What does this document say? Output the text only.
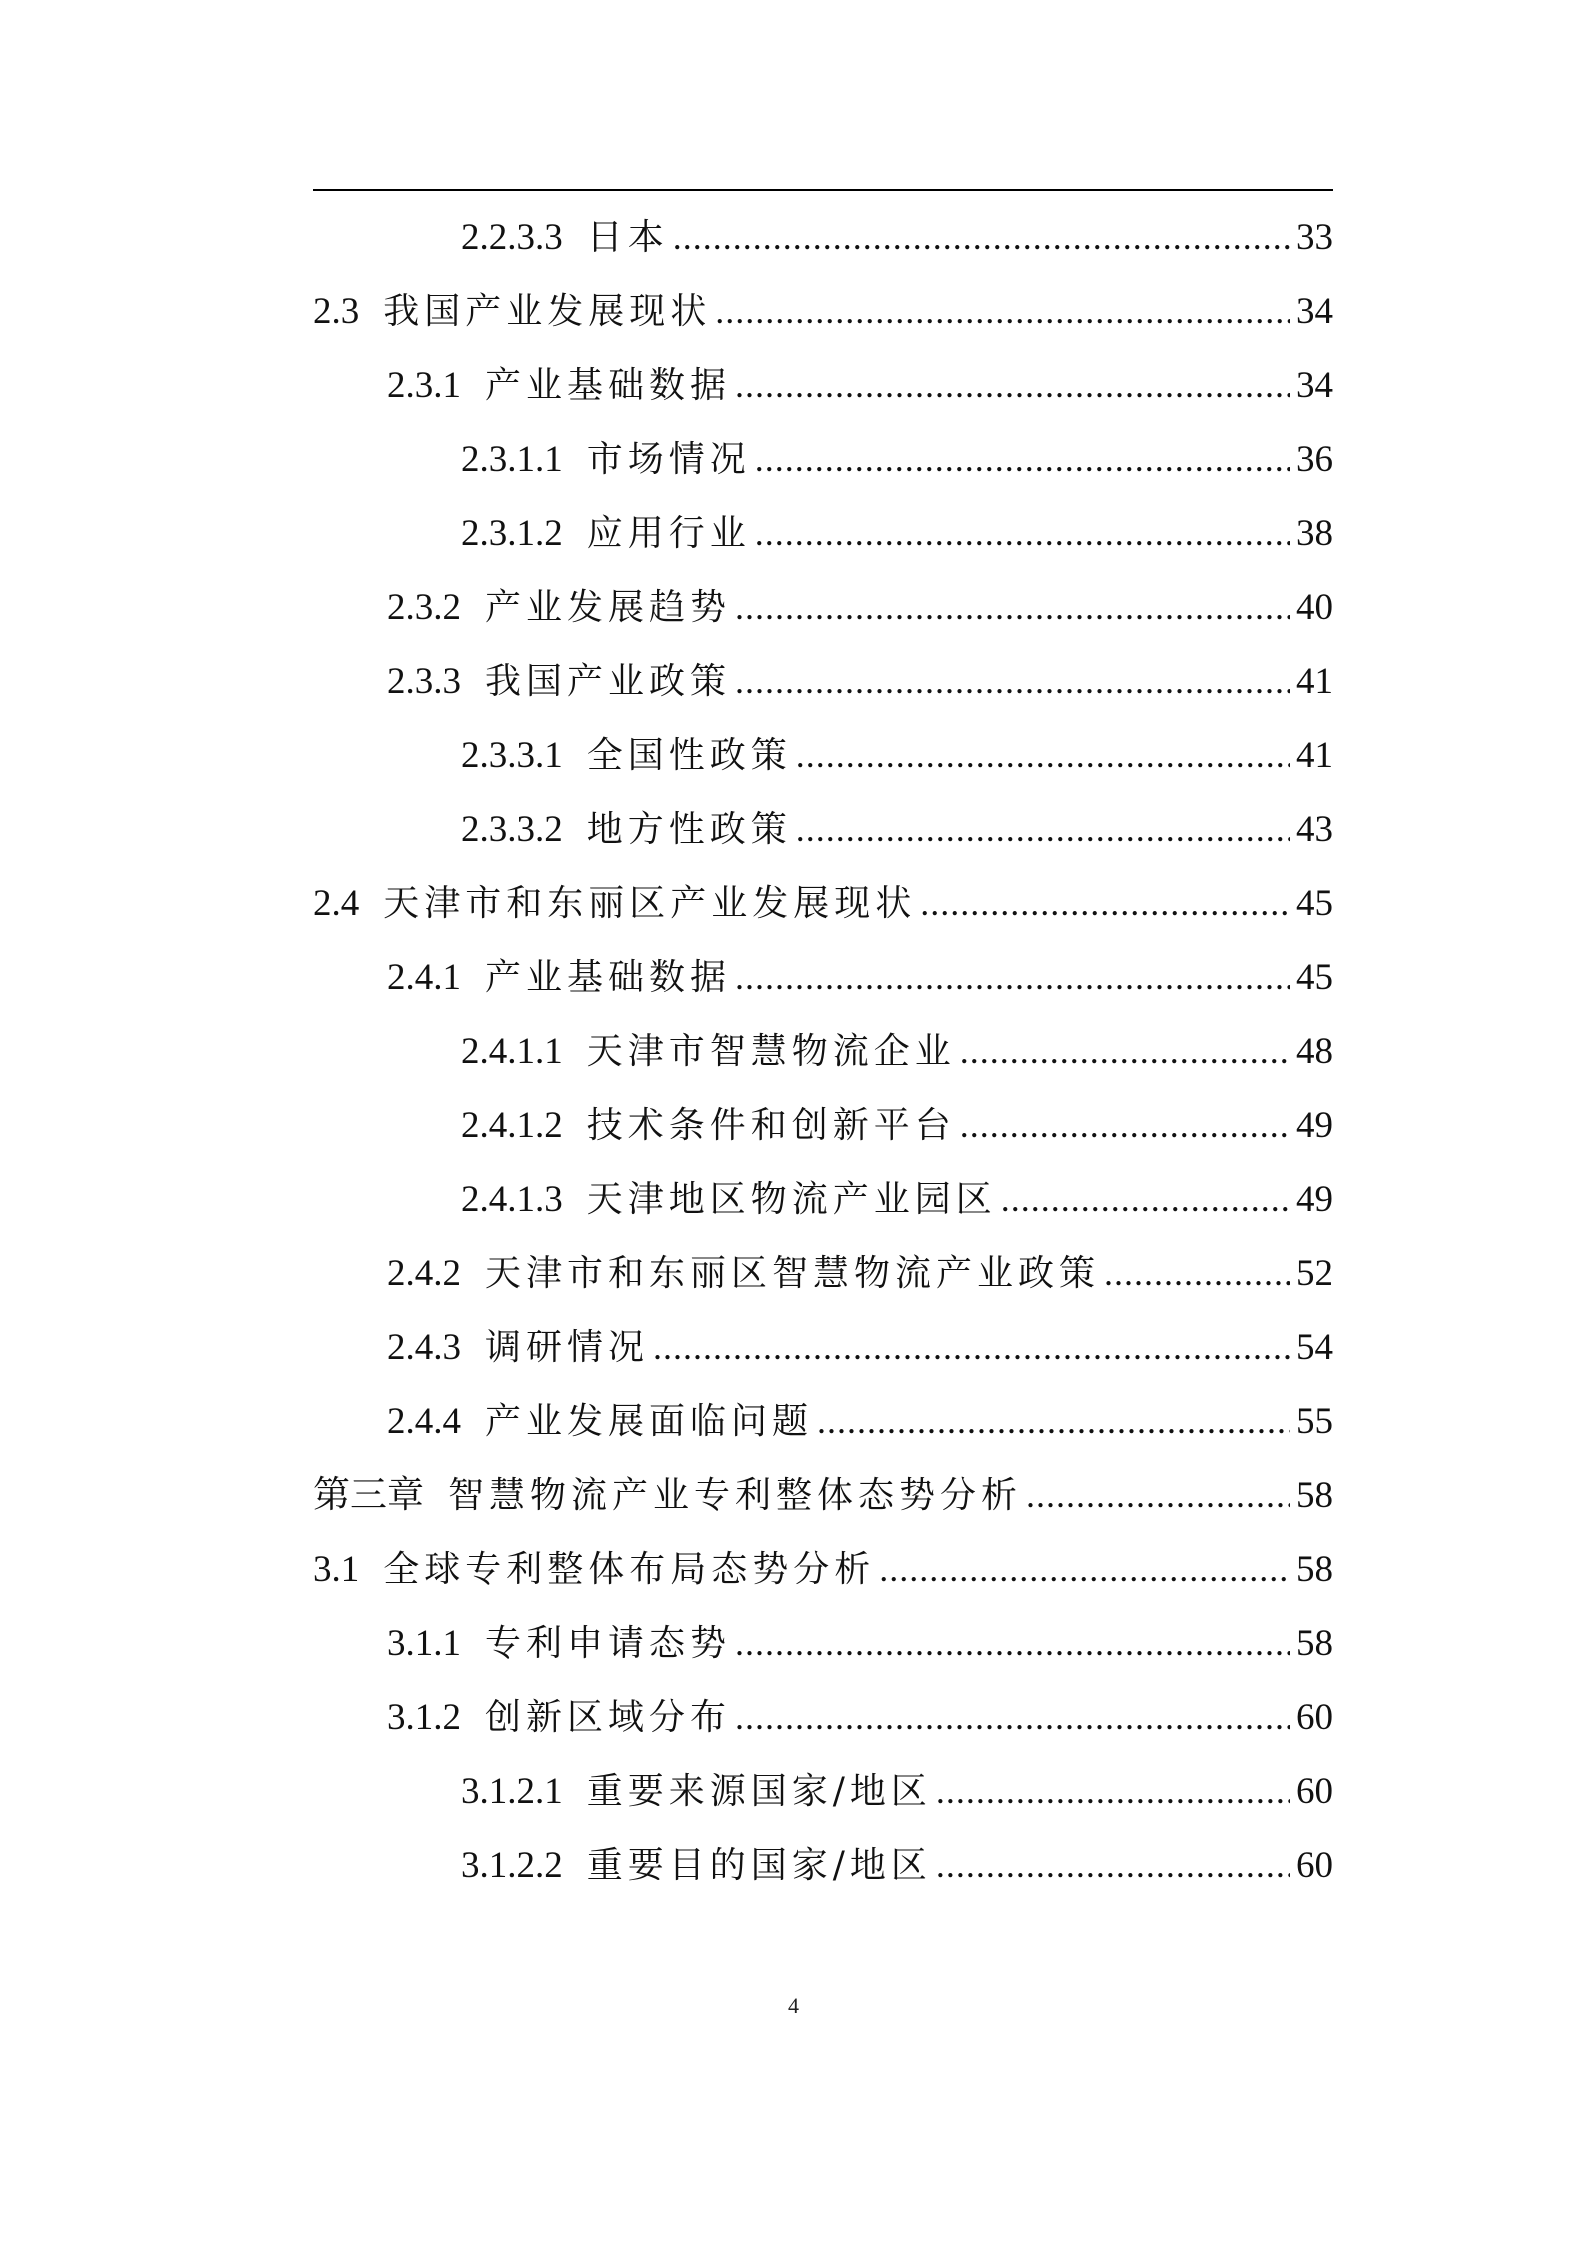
2.2.3.3 日本 .....	33
2.3 我国产业发展现状 .....	34
2.3.1 产业基础数据 .....	34
2.3.1.1 市场情况 .....	36
2.3.1.2 应用行业 .....	38
2.3.2 产业发展趋势 .....	40
2.3.3 我国产业政策 .....	41
2.3.3.1 全国性政策 .....	41
2.3.3.2 地方性政策 .....	43
2.4 天津市和东丽区产业发展现状 .....	45
2.4.1 产业基础数据 .....	45
2.4.1.1 天津市智慧物流企业 .....	48
2.4.1.2 技术条件和创新平台 .....	49
2.4.1.3 天津地区物流产业园区 .....	49
2.4.2 天津市和东丽区智慧物流产业政策 .....	52
2.4.3 调研情况 .....	54
2.4.4 产业发展面临问题 .....	55
第三章 智慧物流产业专利整体态势分析 .....	58
3.1 全球专利整体布局态势分析 .....	58
3.1.1 专利申请态势 .....	58
3.1.2 创新区域分布 .....	60
3.1.2.1 重要来源国家/地区 .....	60
3.1.2.2 重要目的国家/地区 .....	60
4
